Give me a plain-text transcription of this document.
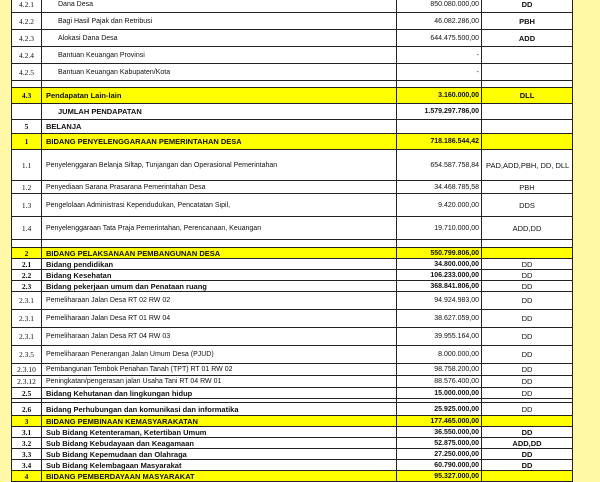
4.2.1	Dana Desa	850.080.000,00	DD
4.2.2	Bagi Hasil Pajak dan Retribusi	46.082.286,00	PBH
4.2.3	Alokasi Dana Desa	644.475.500,00	ADD
4.2.4	Bantuan Keuangan Provinsi	-	
4.2.5	Bantuan Keuangan Kabupaten/Kota	-	

4.3	Pendapatan Lain-lain	3.160.000,00	DLL
	JUMLAH PENDAPATAN	1.579.297.786,00	
5	BELANJA		
1	BIDANG PENYELENGGARAAN PEMERINTAHAN DESA	718.186.544,42	
1.1	Penyelenggaran Belanja Siltap, Tunjangan dan Operasional Pemerintahan	654.587.758,84	PAD,ADD,PBH, DD, DLL
1.2	Penyediaan Sarana Prasarana Pemerintahan Desa	34.468.785,58	PBH
1.3	Pengelolaan Administrasi Kependudukan, Pencatatan Sipil,	9.420.000,00	DDS
1.4	Penyelenggaraan Tata Praja Pemerintahan, Perencanaan, Keuangan	19.710.000,00	ADD,DD

2	BIDANG PELAKSANAAN PEMBANGUNAN DESA	550.799.806,00	
2.1	Bidang pendidikan	34.800.000,00	DD
2.2	Bidang Kesehatan	106.233.000,00	DD
2.3	Bidang pekerjaan umum dan Penataan ruang	368.841.806,00	DD
2.3.1	Pemeliharaan Jalan Desa RT 02 RW 02	94.924.983,00	DD
2.3.1	Pemeliharaan Jalan Desa RT 01 RW 04	38.627.059,00	DD
2.3.1	Pemeliharaan Jalan Desa RT 04 RW 03	39.955.164,00	DD
2.3.5	Pemeliharaan Penerangan Jalan Umum Desa (PJUD)	8.000.000,00	DD
2.3.10	Pembangunan Tembok Penahan Tanah (TPT) RT 01 RW 02	98.758.200,00	DD
2.3.12	Peningkatan/pengerasan jalan Usaha Tani RT 04 RW 01	88.576.400,00	DD
2.5	Bidang Kehutanan dan lingkungan hidup	15.000.000,00	DD

2.6	Bidang Perhubungan dan komunikasi dan informatika	25.925.000,00	DD
3	BIDANG PEMBINAAN KEMASYARAKATAN	177.465.000,00	
3.1	Sub Bidang Ketenteraman, Ketertiban Umum	36.550.000,00	DD
3.2	Sub Bidang Kebudayaan dan Keagamaan	52.875.000,00	ADD,DD
3.3	Sub Bidang Kepemudaan dan Olahraga	27.250.000,00	DD
3.4	Sub Bidang Kelembagaan Masyarakat	60.790.000,00	DD
4	BIDANG PEMBERDAYAAN MASYARAKAT	95.327.000,00	
